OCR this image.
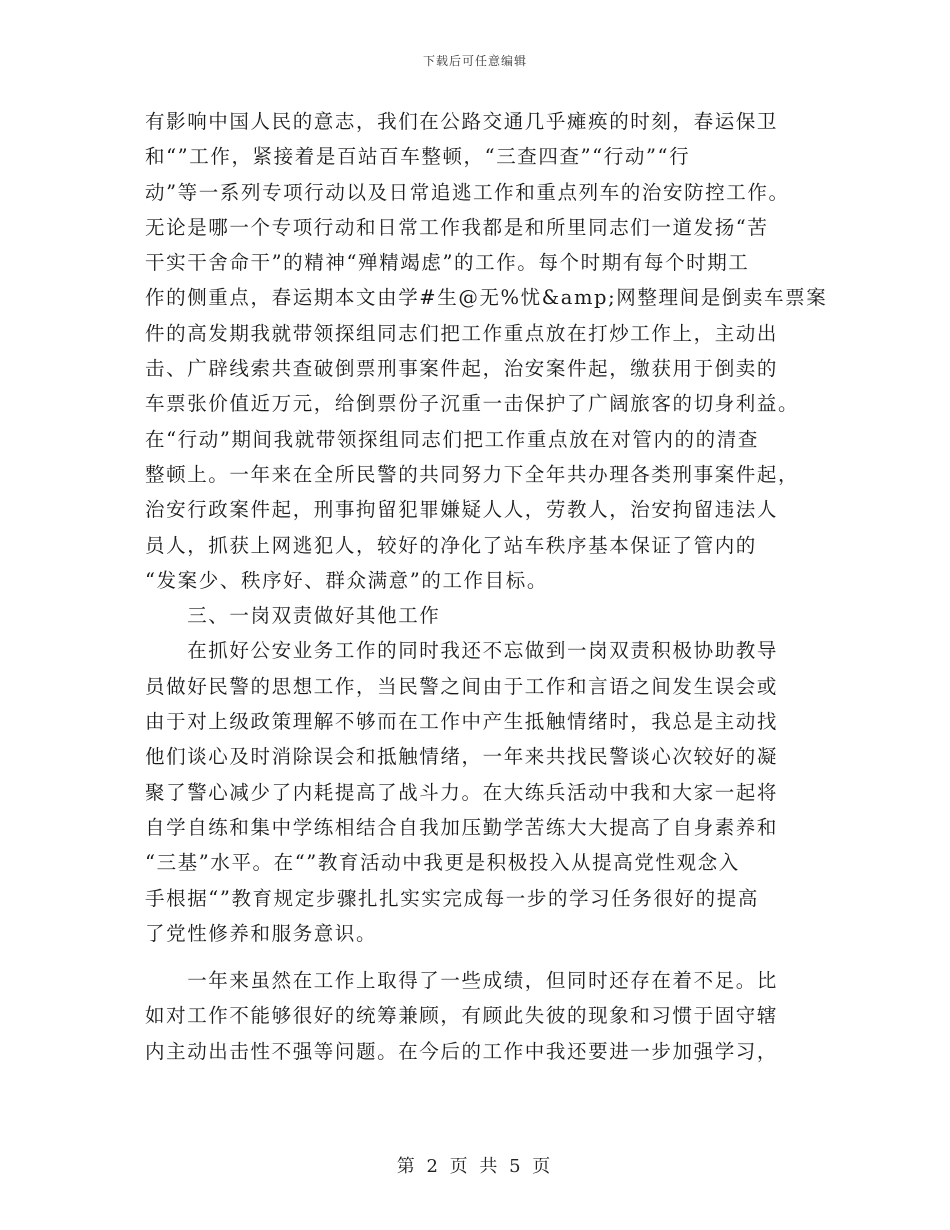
下载后可任意编辑
有影响中国人民的意志，我们在公路交通几乎瘫痪的时刻，春运保卫
和“”工作，紧接着是百站百车整顿，“三查四查”“行动”“行
动”等一系列专项行动以及日常追逃工作和重点列车的治安防控工作。
无论是哪一个专项行动和日常工作我都是和所里同志们一道发扬“苦
干实干舍命干”的精神“殚精竭虑”的工作。每个时期有每个时期工
作的侧重点，春运期本文由学#生@无%忧&amp;网整理间是倒卖车票案
件的高发期我就带领探组同志们把工作重点放在打炒工作上，主动出
击、广辟线索共查破倒票刑事案件起，治安案件起，缴获用于倒卖的
车票张价值近万元，给倒票份子沉重一击保护了广阔旅客的切身利益。
在“行动”期间我就带领探组同志们把工作重点放在对管内的的清查
整顿上。一年来在全所民警的共同努力下全年共办理各类刑事案件起，
治安行政案件起，刑事拘留犯罪嫌疑人人，劳教人，治安拘留违法人
员人，抓获上网逃犯人，较好的净化了站车秩序基本保证了管内的
“发案少、秩序好、群众满意”的工作目标。
　　三、一岗双责做好其他工作
　　在抓好公安业务工作的同时我还不忘做到一岗双责积极协助教导
员做好民警的思想工作，当民警之间由于工作和言语之间发生误会或
由于对上级政策理解不够而在工作中产生抵触情绪时，我总是主动找
他们谈心及时消除误会和抵触情绪，一年来共找民警谈心次较好的凝
聚了警心减少了内耗提高了战斗力。在大练兵活动中我和大家一起将
自学自练和集中学练相结合自我加压勤学苦练大大提高了自身素养和
“三基”水平。在“”教育活动中我更是积极投入从提高党性观念入
手根据“”教育规定步骤扎扎实实完成每一步的学习任务很好的提高
了党性修养和服务意识。
　　一年来虽然在工作上取得了一些成绩，但同时还存在着不足。比
如对工作不能够很好的统筹兼顾，有顾此失彼的现象和习惯于固守辖
内主动出击性不强等问题。在今后的工作中我还要进一步加强学习，
第 2 页 共 5 页
